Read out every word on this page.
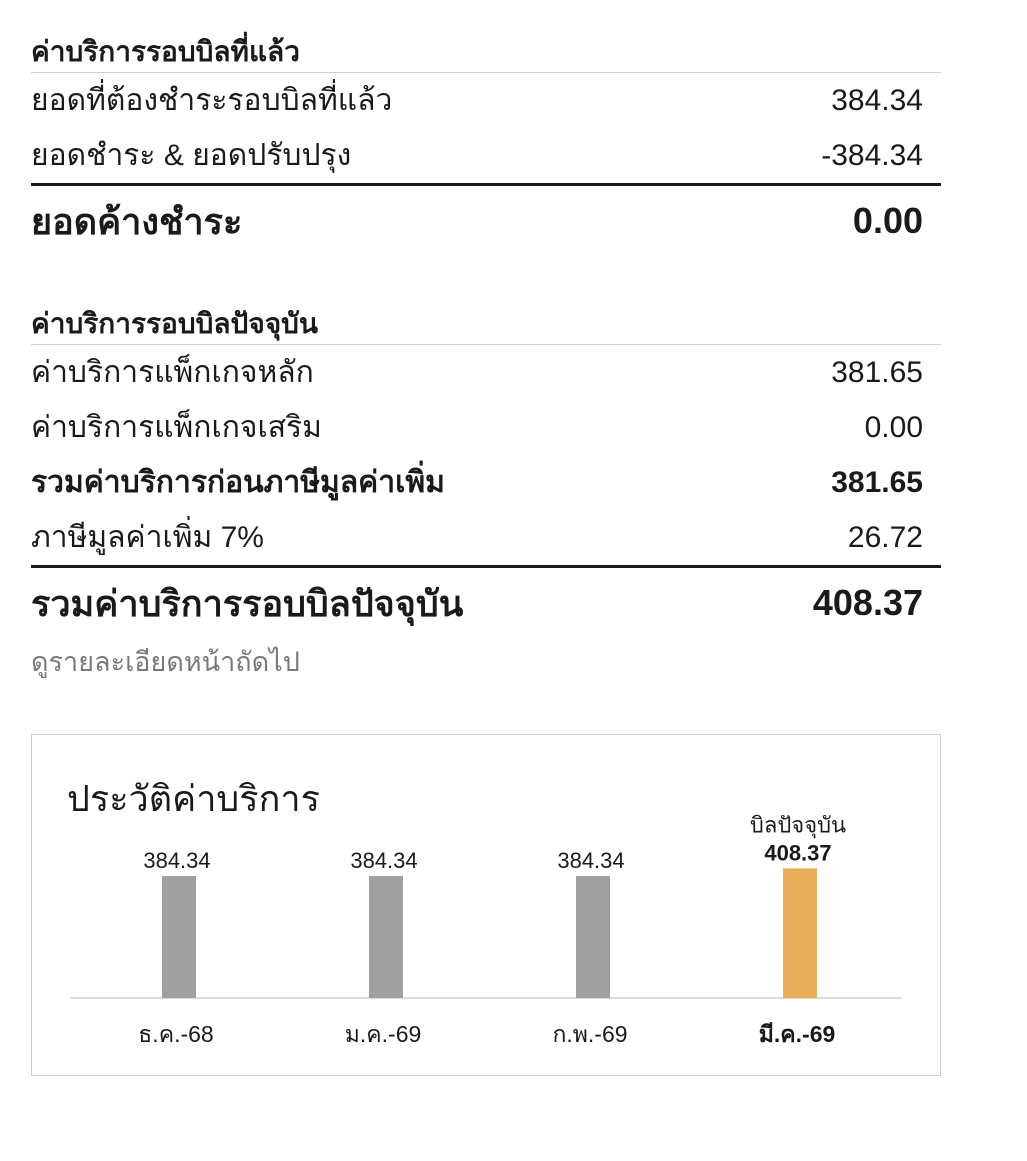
ค่าบริการรอบบิลที่แล้ว
ยอดที่ต้องชำระรอบบิลที่แล้ว	384.34
ยอดชำระ & ยอดปรับปรุง	-384.34
ยอดค้างชำระ	0.00
ค่าบริการรอบบิลปัจจุบัน
ค่าบริการแพ็กเกจหลัก	381.65
ค่าบริการแพ็กเกจเสริม	0.00
รวมค่าบริการก่อนภาษีมูลค่าเพิ่ม	381.65
ภาษีมูลค่าเพิ่ม 7%	26.72
รวมค่าบริการรอบบิลปัจจุบัน	408.37
ดูรายละเอียดหน้าถัดไป
384.34
ธ.ค.-68
384.34
ม.ค.-69
384.34
ก.พ.-69
408.37
บิลปัจจุบัน
มี.ค.-69
ประวัติค่าบริการ
